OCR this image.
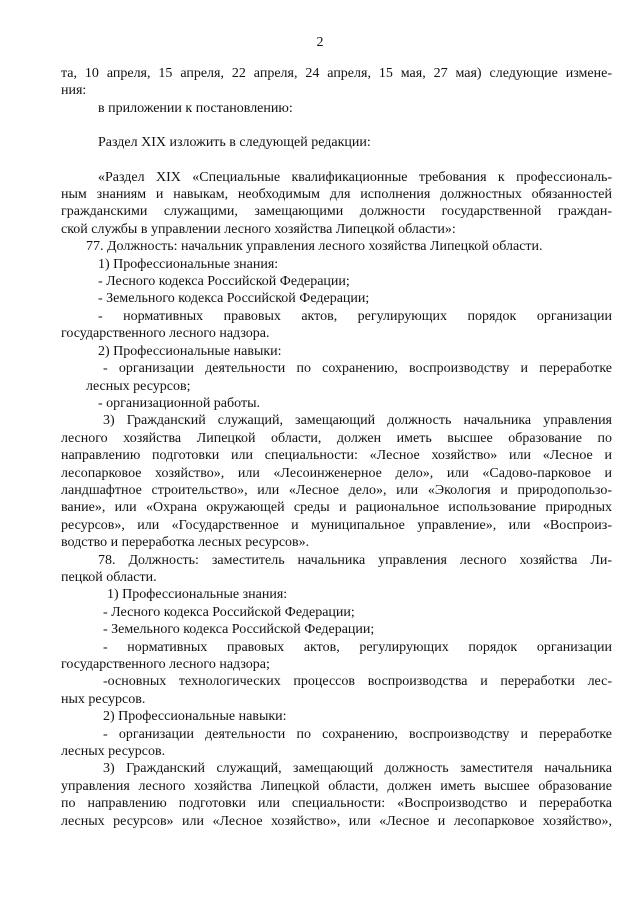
2
та, 10 апреля, 15 апреля, 22 апреля, 24 апреля, 15 мая, 27 мая) следующие измене-
ния:
в приложении к постановлению:
Раздел XIX изложить в следующей редакции:
«Раздел XIX «Специальные квалификационные требования к профессиональ-
ным знаниям и навыкам, необходимым для исполнения должностных обязанностей
гражданскими служащими, замещающими должности государственной граждан-
ской службы в управлении лесного хозяйства Липецкой области»:
77. Должность: начальник управления лесного хозяйства Липецкой области.
1) Профессиональные знания:
- Лесного кодекса Российской Федерации;
- Земельного кодекса Российской Федерации;
- нормативных правовых актов, регулирующих порядок организации
государственного лесного надзора.
2) Профессиональные навыки:
- организации деятельности по сохранению, воспроизводству и переработке
лесных ресурсов;
- организационной работы.
3) Гражданский служащий, замещающий должность начальника управления
лесного хозяйства Липецкой области, должен иметь высшее образование по
направлению подготовки или специальности: «Лесное хозяйство» или «Лесное и
лесопарковое хозяйство», или «Лесоинженерное дело», или «Садово-парковое и
ландшафтное строительство», или «Лесное дело», или «Экология и природопользо-
вание», или «Охрана окружающей среды и рациональное использование природных
ресурсов», или «Государственное и муниципальное управление», или «Воспроиз-
водство и переработка лесных ресурсов».
78. Должность: заместитель начальника управления лесного хозяйства Ли-
пецкой области.
1) Профессиональные знания:
- Лесного кодекса Российской Федерации;
- Земельного кодекса Российской Федерации;
- нормативных правовых актов, регулирующих порядок организации
государственного лесного надзора;
-основных технологических процессов воспроизводства и переработки лес-
ных ресурсов.
2) Профессиональные навыки:
- организации деятельности по сохранению, воспроизводству и переработке
лесных ресурсов.
3) Гражданский служащий, замещающий должность заместителя начальника
управления лесного хозяйства Липецкой области, должен иметь высшее образование
по направлению подготовки или специальности: «Воспроизводство и переработка
лесных ресурсов» или «Лесное хозяйство», или «Лесное и лесопарковое хозяйство»,
